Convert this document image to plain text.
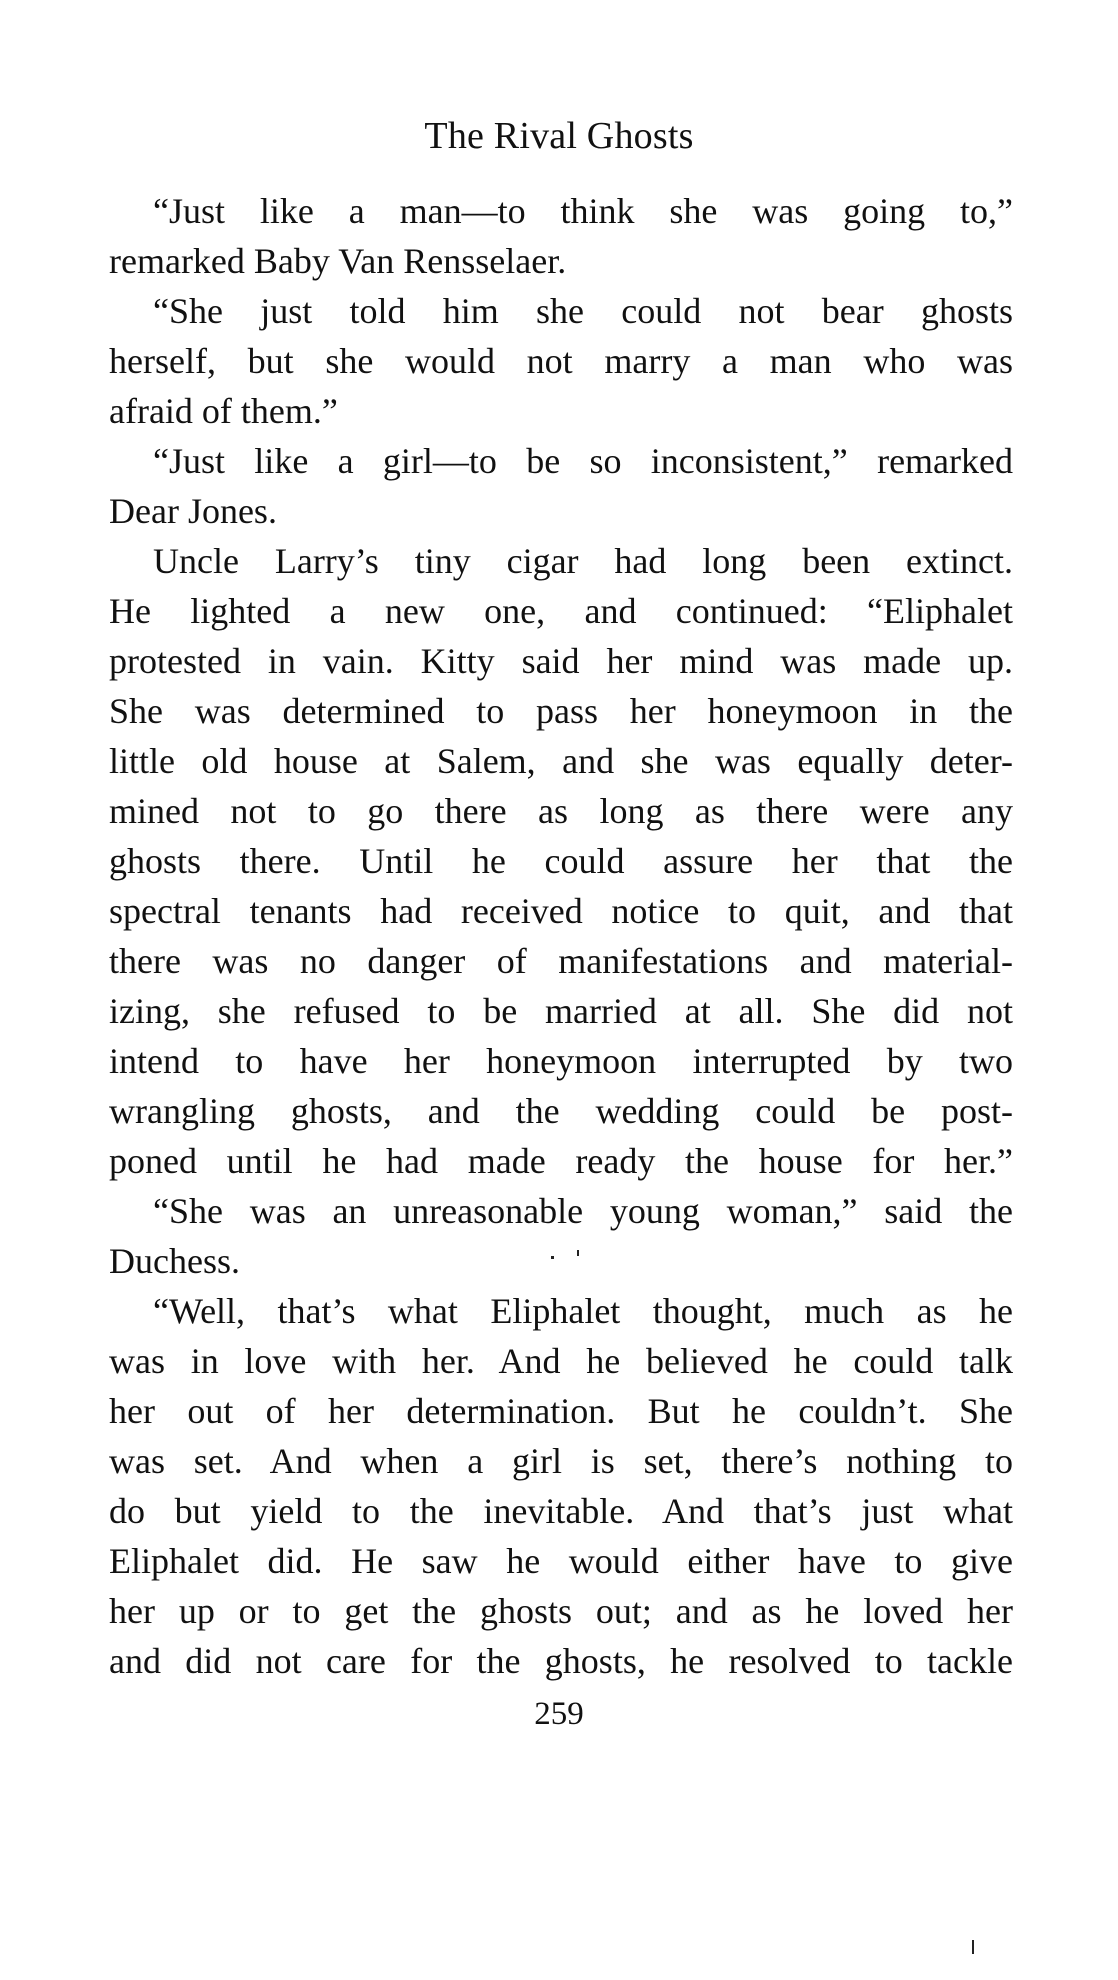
The Rival Ghosts
“Just like a man—to think she was going to,”
remarked Baby Van Rensselaer.
“She just told him she could not bear ghosts
herself, but she would not marry a man who was
afraid of them.”
“Just like a girl—to be so inconsistent,” remarked
Dear Jones.
Uncle Larry’s tiny cigar had long been extinct.
He lighted a new one, and continued: “Eliphalet
protested in vain. Kitty said her mind was made up.
She was determined to pass her honeymoon in the
little old house at Salem, and she was equally deter-
mined not to go there as long as there were any
ghosts there. Until he could assure her that the
spectral tenants had received notice to quit, and that
there was no danger of manifestations and material-
izing, she refused to be married at all. She did not
intend to have her honeymoon interrupted by two
wrangling ghosts, and the wedding could be post-
poned until he had made ready the house for her.”
“She was an unreasonable young woman,” said the
Duchess.
“Well, that’s what Eliphalet thought, much as he
was in love with her. And he believed he could talk
her out of her determination. But he couldn’t. She
was set. And when a girl is set, there’s nothing to
do but yield to the inevitable. And that’s just what
Eliphalet did. He saw he would either have to give
her up or to get the ghosts out; and as he loved her
and did not care for the ghosts, he resolved to tackle
259
